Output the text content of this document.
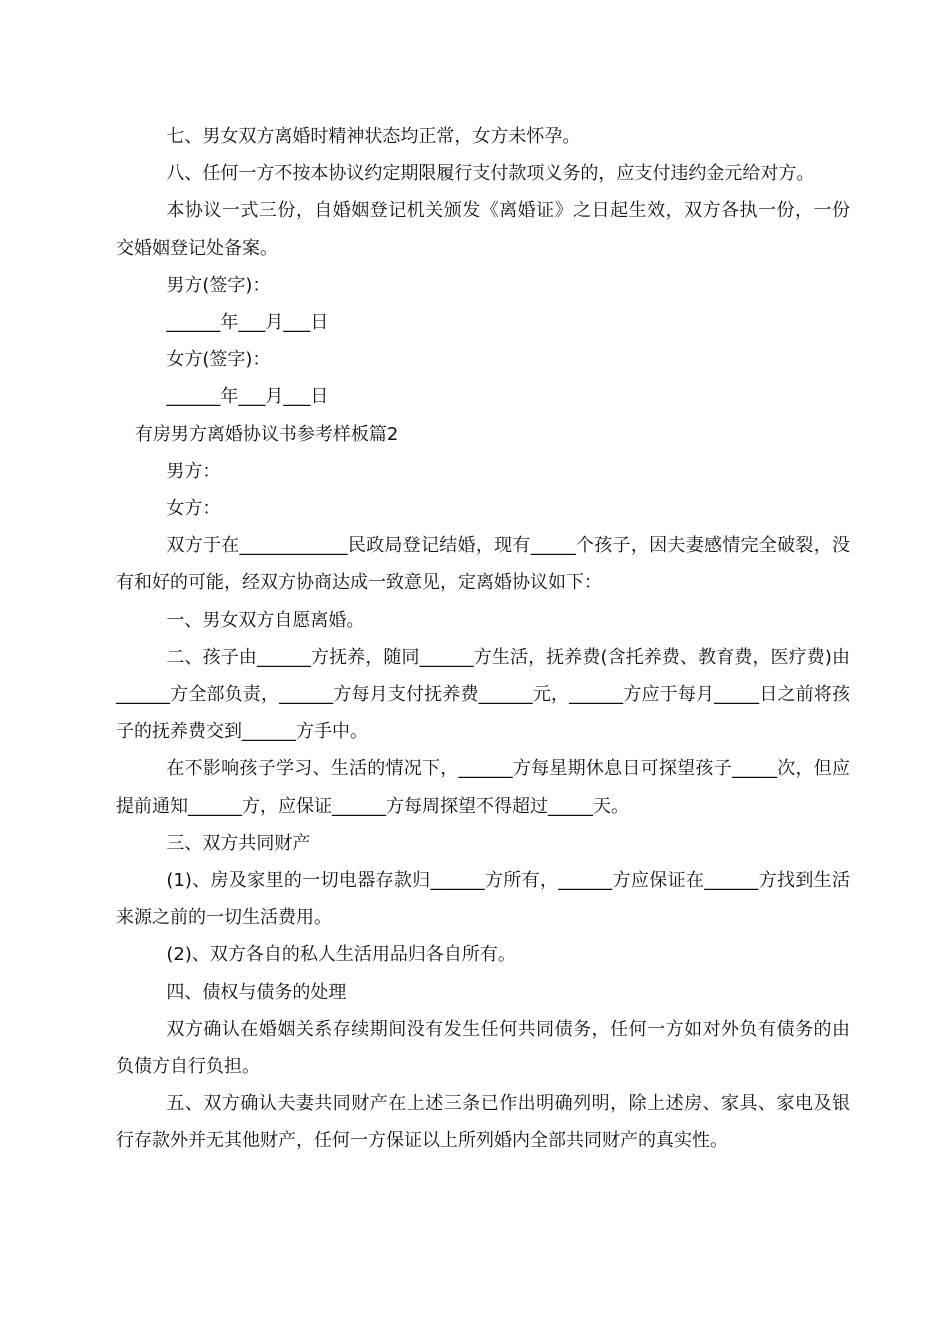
七、男女双方离婚时精神状态均正常，女方未怀孕。

八、任何一方不按本协议约定期限履行支付款项义务的，应支付违约金元给对方。

本协议一式三份，自婚姻登记机关颁发《离婚证》之日起生效，双方各执一份，一份交婚姻登记处备案。

男方(签字)：

______年___月___日

女方(签字)：

______年___月___日

有房男方离婚协议书参考样板篇2

男方：

女方：

双方于在____________民政局登记结婚，现有_____个孩子，因夫妻感情完全破裂，没有和好的可能，经双方协商达成一致意见，定离婚协议如下：

一、男女双方自愿离婚。

二、孩子由______方抚养，随同______方生活，抚养费(含托养费、教育费，医疗费)由______方全部负责，______方每月支付抚养费______元，______方应于每月_____日之前将孩子的抚养费交到______方手中。

在不影响孩子学习、生活的情况下，______方每星期休息日可探望孩子_____次，但应提前通知______方，应保证______方每周探望不得超过_____天。

三、双方共同财产

(1)、房及家里的一切电器存款归______方所有，______方应保证在______方找到生活来源之前的一切生活费用。

(2)、双方各自的私人生活用品归各自所有。

四、债权与债务的处理

双方确认在婚姻关系存续期间没有发生任何共同债务，任何一方如对外负有债务的由负债方自行负担。

五、双方确认夫妻共同财产在上述三条已作出明确列明，除上述房、家具、家电及银行存款外并无其他财产，任何一方保证以上所列婚内全部共同财产的真实性。
